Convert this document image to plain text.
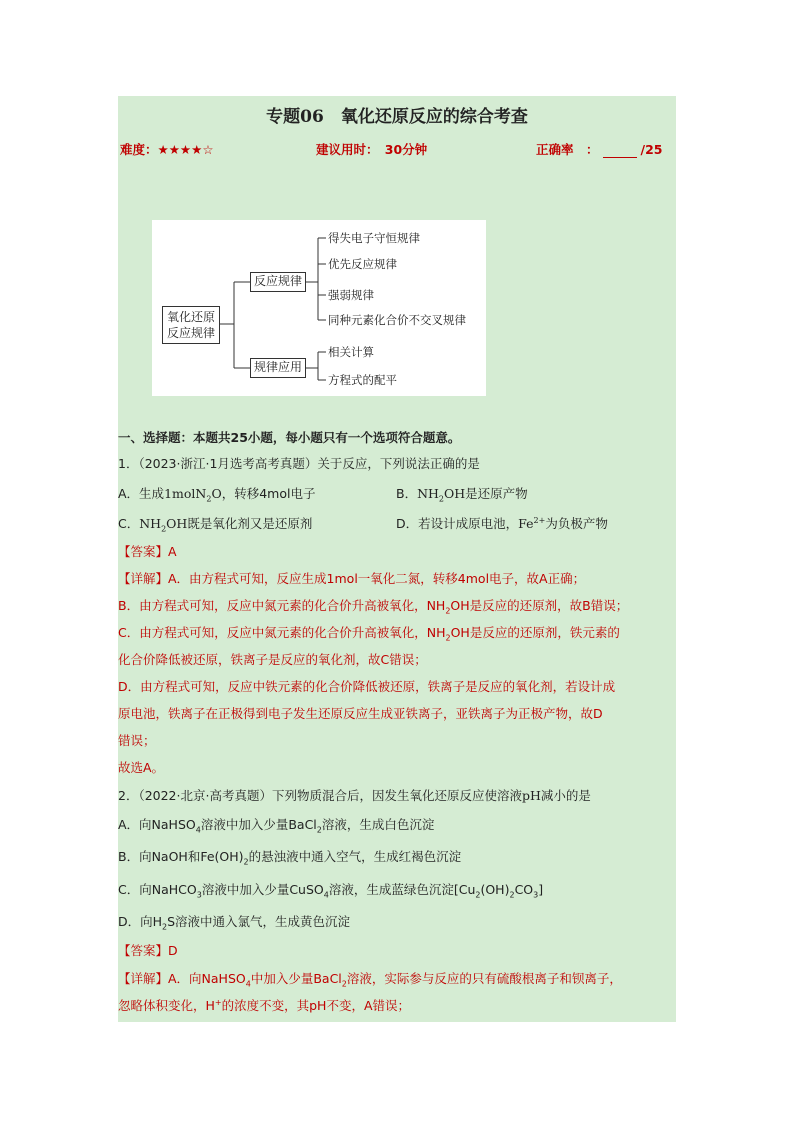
专题06　氧化还原反应的综合考查
难度：★★★★☆	建议用时：　30分钟	正确率　：	/25
氧化还原
反应规律
反应规律
规律应用
得失电子守恒规律
优先反应规律
强弱规律
同种元素化合价不交叉规律
相关计算
方程式的配平
一、选择题：本题共25小题，每小题只有一个选项符合题意。
1．（2023·浙江·1月选考高考真题）关于反应，下列说法正确的是
A．生成1molN$_2$O，转移4mol电子	B．$NH_2OH$是还原产物
C．$NH_2OH$既是氧化剂又是还原剂	D．若设计成原电池，$Fe^{2+}$为负极产物
【答案】A
【详解】A．由方程式可知，反应生成1mol一氧化二氮，转移4mol电子，故A正确；
B．由方程式可知，反应中氮元素的化合价升高被氧化，$NH_2OH$是反应的还原剂，故B错误；
C．由方程式可知，反应中氮元素的化合价升高被氧化，$NH_2OH$是反应的还原剂，铁元素的
化合价降低被还原，铁离子是反应的氧化剂，故C错误；
D．由方程式可知，反应中铁元素的化合价降低被还原，铁离子是反应的氧化剂，若设计成
原电池，铁离子在正极得到电子发生还原反应生成亚铁离子，亚铁离子为正极产物，故D
错误；
故选A。
2．（2022·北京·高考真题）下列物质混合后，因发生氧化还原反应使溶液pH减小的是
A．向NaHSO$_4$溶液中加入少量BaCl$_2$溶液，生成白色沉淀
B．向NaOH和$Fe(OH)_2$的悬浊液中通入空气，生成红褐色沉淀
C．向NaHCO$_3$溶液中加入少量CuSO$_4$溶液，生成蓝绿色沉淀$[Cu_2(OH)_2CO_3]$
D．向$H_2S$溶液中通入氯气，生成黄色沉淀
【答案】D
【详解】A．向NaHSO$_4$中加入少量BaCl$_2$溶液，实际参与反应的只有硫酸根离子和钡离子，
忽略体积变化，H+的浓度不变，其pH不变，A错误；
